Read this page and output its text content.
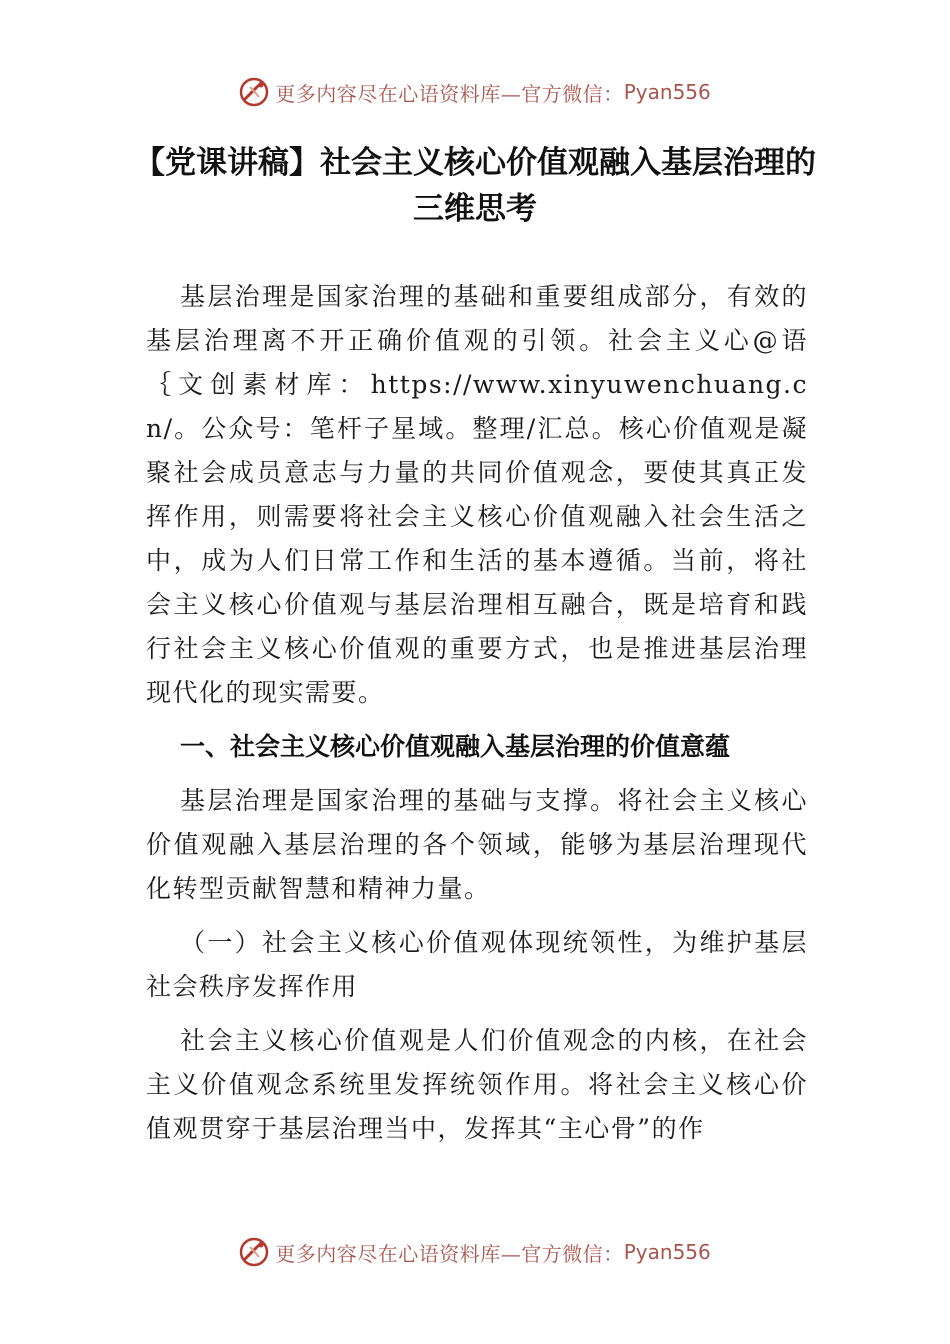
更多内容尽在心语资料库—官方微信： Pyan556
【党课讲稿】社会主义核心价值观融入基层治理的三维思考

基层治理是国家治理的基础和重要组成部分，有效的基层治理离不开正确价值观的引领。社会主义心@语｛文创素材库：https://www.xinyuwenchuang.cn/。公众号：笔杆子星域。整理/汇总。核心价值观是凝聚社会成员意志与力量的共同价值观念，要使其真正发挥作用，则需要将社会主义核心价值观融入社会生活之中，成为人们日常工作和生活的基本遵循。当前，将社会主义核心价值观与基层治理相互融合，既是培育和践行社会主义核心价值观的重要方式，也是推进基层治理现代化的现实需要。

一、社会主义核心价值观融入基层治理的价值意蕴

基层治理是国家治理的基础与支撑。将社会主义核心价值观融入基层治理的各个领域，能够为基层治理现代化转型贡献智慧和精神力量。

（一）社会主义核心价值观体现统领性，为维护基层社会秩序发挥作用

社会主义核心价值观是人们价值观念的内核，在社会主义价值观念系统里发挥统领作用。将社会主义核心价值观贯穿于基层治理当中，发挥其“主心骨”的作

更多内容尽在心语资料库—官方微信： Pyan556
